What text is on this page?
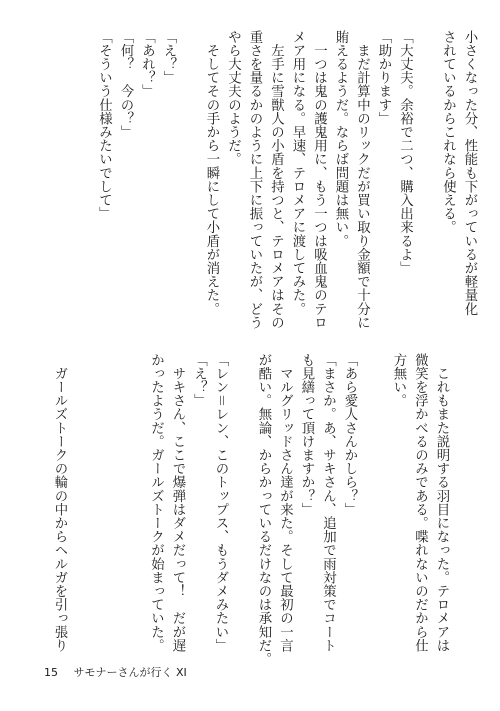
小さくなった分、性能も下がっているが軽量化
されているからこれなら使える。

「大丈夫。余裕で二つ、購入出来るよ」
「助かります」
　まだ計算中のリックだが買い取り金額で十分に
賄えるようだ。ならば問題は無い。
　一つは鬼の護鬼用に、もう一つは吸血鬼のテロ
メア用になる。早速、テロメアに渡してみた。
　左手に雪獣人の小盾を持つと、テロメアはその
重さを量るかのように上下に振っていたが、どう
やら大丈夫のようだ。
　そしてその手から一瞬にして小盾が消えた。

「え？」
「あれ？」
「何？　今の？」
「そういう仕様みたいでして」
　これもまた説明する羽目になった。テロメアは
微笑を浮かべるのみである。喋れないのだから仕
方無い。
「あら愛人さんかしら？」
「まさか。あ、サキさん、追加で雨対策でコート
も見繕って頂けますか？」
　マルグリッドさん達が来た。そして最初の一言
が酷い。無論、からかっているだけなのは承知だ。

「レン＝レン、このトップス、もうダメみたい」
「え？」
　サキさん、ここで爆弾はダメだって！　だが遅
かったようだ。ガールズトークが始まっていた。
　ガールズトークの輪の中からヘルガを引っ張り
15 サモナーさんが行く XI
